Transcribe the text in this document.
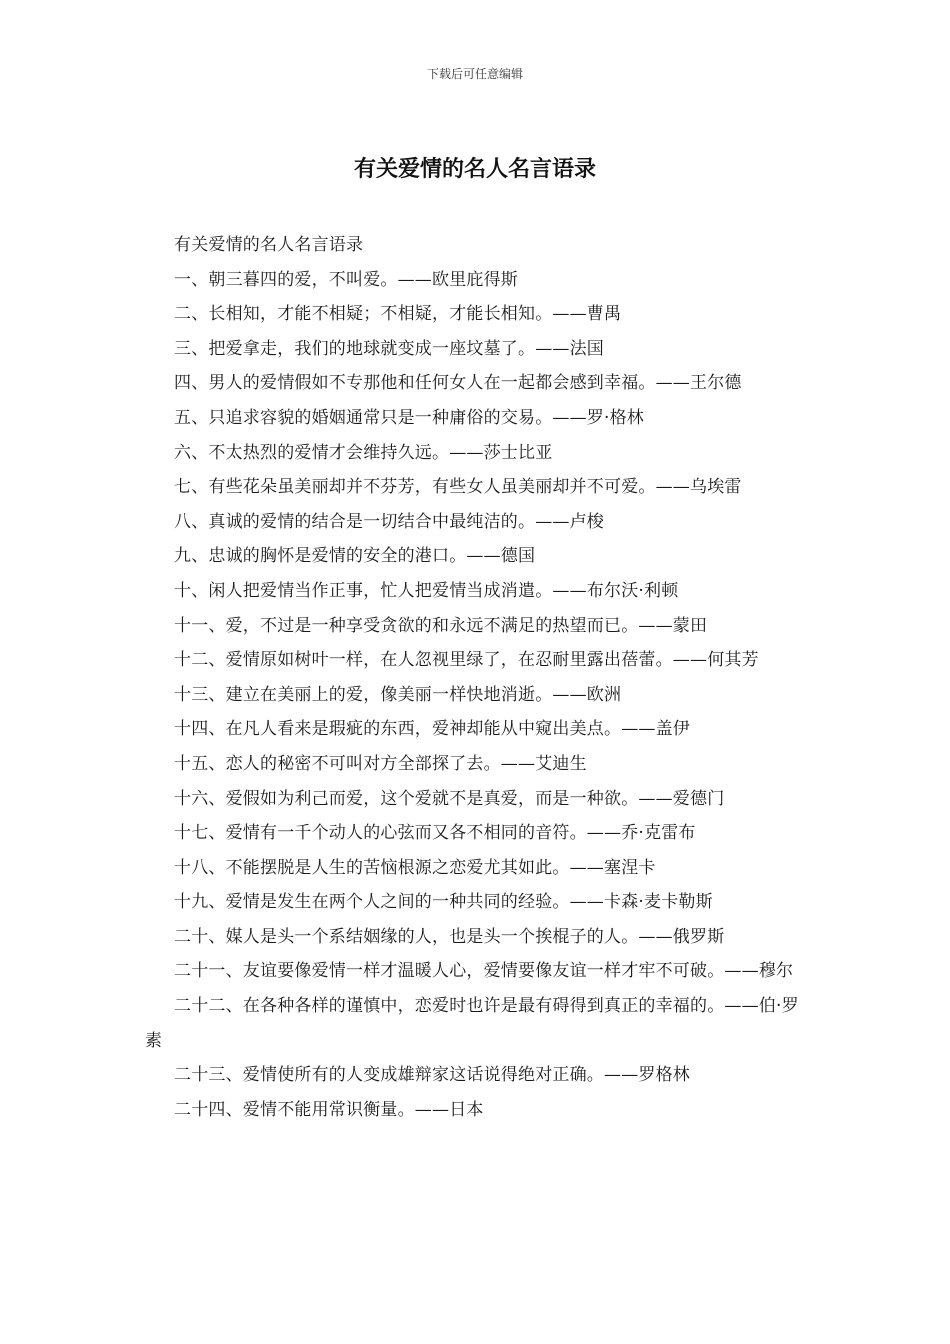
下载后可任意编辑
有关爱情的名人名言语录

有关爱情的名人名言语录

一、朝三暮四的爱，不叫爱。——欧里庇得斯

二、长相知，才能不相疑；不相疑，才能长相知。——曹禺

三、把爱拿走，我们的地球就变成一座坟墓了。——法国

四、男人的爱情假如不专那他和任何女人在一起都会感到幸福。——王尔德

五、只追求容貌的婚姻通常只是一种庸俗的交易。——罗·格林

六、不太热烈的爱情才会维持久远。——莎士比亚

七、有些花朵虽美丽却并不芬芳，有些女人虽美丽却并不可爱。——乌埃雷

八、真诚的爱情的结合是一切结合中最纯洁的。——卢梭

九、忠诚的胸怀是爱情的安全的港口。——德国

十、闲人把爱情当作正事，忙人把爱情当成消遣。——布尔沃·利顿

十一、爱，不过是一种享受贪欲的和永远不满足的热望而已。——蒙田

十二、爱情原如树叶一样，在人忽视里绿了，在忍耐里露出蓓蕾。——何其芳

十三、建立在美丽上的爱，像美丽一样快地消逝。——欧洲

十四、在凡人看来是瑕疵的东西，爱神却能从中窥出美点。——盖伊

十五、恋人的秘密不可叫对方全部探了去。——艾迪生

十六、爱假如为利己而爱，这个爱就不是真爱，而是一种欲。——爱德门

十七、爱情有一千个动人的心弦而又各不相同的音符。——乔·克雷布

十八、不能摆脱是人生的苦恼根源之恋爱尤其如此。——塞涅卡

十九、爱情是发生在两个人之间的一种共同的经验。——卡森·麦卡勒斯

二十、媒人是头一个系结姻缘的人，也是头一个挨棍子的人。——俄罗斯

二十一、友谊要像爱情一样才温暖人心，爱情要像友谊一样才牢不可破。——穆尔

二十二、在各种各样的谨慎中，恋爱时也许是最有碍得到真正的幸福的。——伯·罗素

二十三、爱情使所有的人变成雄辩家这话说得绝对正确。——罗格林

二十四、爱情不能用常识衡量。——日本
